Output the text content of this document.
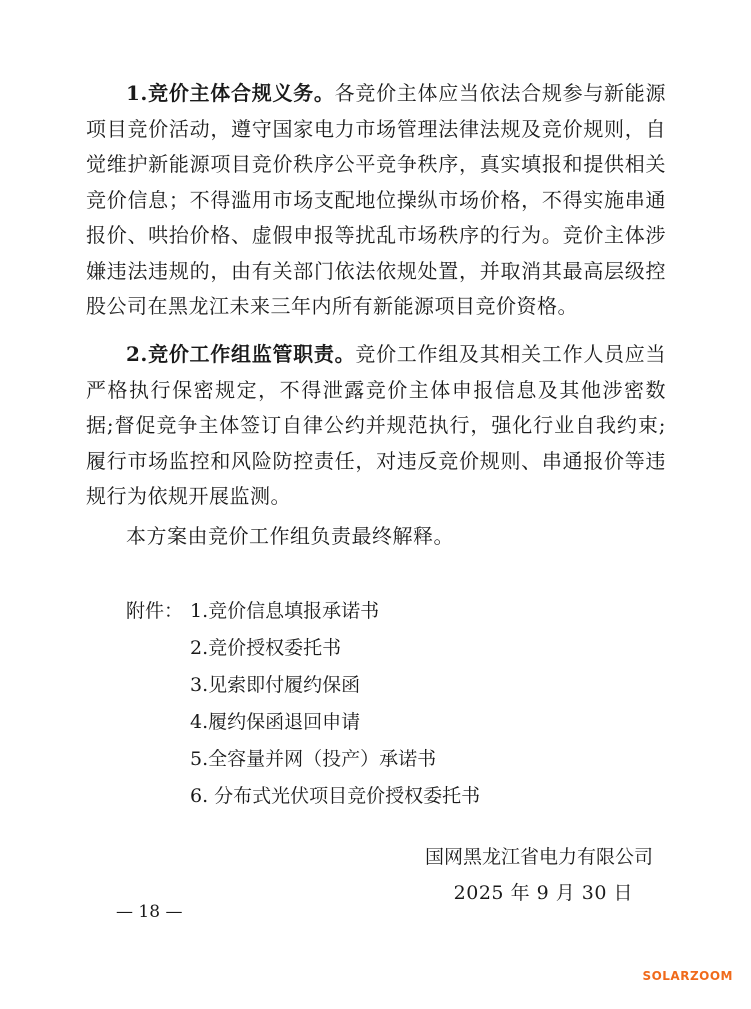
1.竞价主体合规义务。各竞价主体应当依法合规参与新能源项目竞价活动，遵守国家电力市场管理法律法规及竞价规则，自觉维护新能源项目竞价秩序公平竞争秩序，真实填报和提供相关竞价信息；不得滥用市场支配地位操纵市场价格，不得实施串通报价、哄抬价格、虚假申报等扰乱市场秩序的行为。竞价主体涉嫌违法违规的，由有关部门依法依规处置，并取消其最高层级控股公司在黑龙江未来三年内所有新能源项目竞价资格。

2.竞价工作组监管职责。竞价工作组及其相关工作人员应当严格执行保密规定，不得泄露竞价主体申报信息及其他涉密数据;督促竞争主体签订自律公约并规范执行，强化行业自我约束;履行市场监控和风险防控责任，对违反竞价规则、串通报价等违规行为依规开展监测。

本方案由竞价工作组负责最终解释。

附件： 1.竞价信息填报承诺书
2.竞价授权委托书
3.见索即付履约保函
4.履约保函退回申请
5.全容量并网（投产）承诺书
6. 分布式光伏项目竞价授权委托书
国网黑龙江省电力有限公司
2025 年 9 月 30 日
— 18 —
SOLARZOOM
